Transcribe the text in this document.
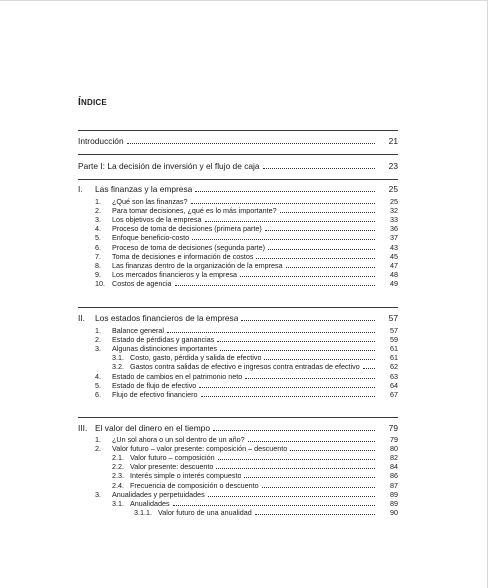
ÍNDICE
Introducción	21
Parte I: La decisión de inversión y el flujo de caja	23
I.	Las finanzas y la empresa	25
1.	¿Qué son las finanzas?	25
2.	Para tomar decisiones, ¿qué es lo más importante?	32
3.	Los objetivos de la empresa	33
4.	Proceso de toma de decisiones (primera parte)	36
5.	Enfoque beneficio-costo	37
6.	Proceso de toma de decisiones (segunda parte)	43
7.	Toma de decisiones e información de costos	45
8.	Las finanzas dentro de la organización de la empresa	47
9.	Los mercados financieros y la empresa	48
10. Costos de agencia	49
II.	Los estados financieros de la empresa	57
1.	Balance general	57
2.	Estado de pérdidas y ganancias	59
3.	Algunas distinciones importantes	61
3.1. Costo, gasto, pérdida y salida de efectivo	61
3.2. Gastos contra salidas de efectivo e ingresos contra entradas de efectivo	62
4.	Estado de cambios en el patrimonio neto	63
5.	Estado de flujo de efectivo	64
6.	Flujo de efectivo financiero	67
III. El valor del dinero en el tiempo	79
1.	¿Un sol ahora o un sol dentro de un año?	79
2.	Valor futuro – valor presente: composición – descuento	80
2.1. Valor futuro – composición	82
2.2. Valor presente: descuento	84
2.3. Interés simple o interés compuesto	86
2.4. Frecuencia de composición o descuento	87
3.	Anualidades y perpetuidades	89
3.1. Anualidades	89
3.1.1. Valor futuro de una anualidad	90
